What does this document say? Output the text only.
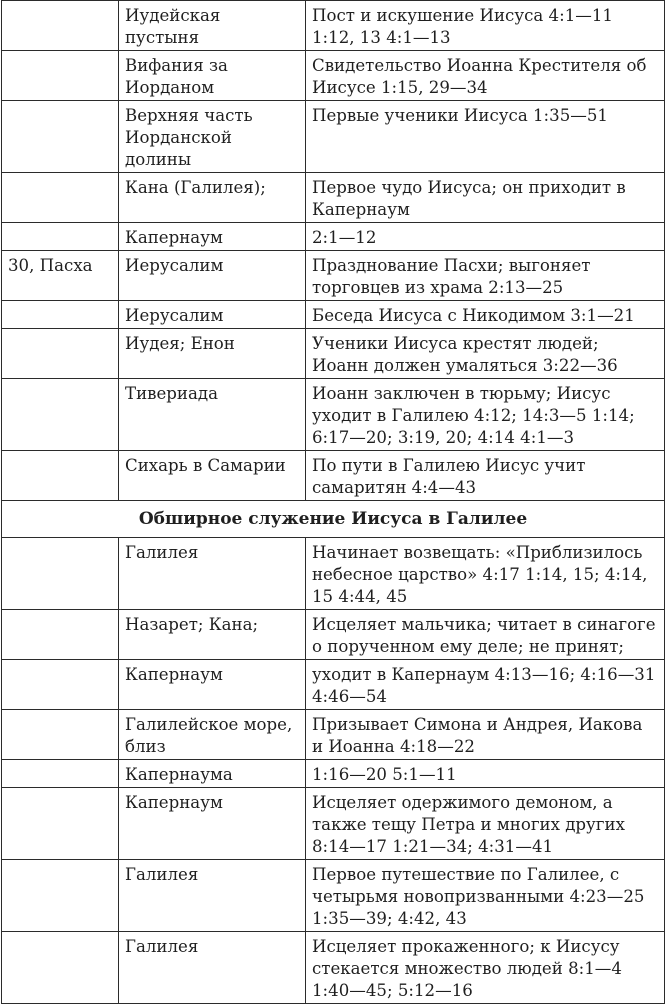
	Иудейская пустыня	Пост и искушение Иисуса 4:1—11 1:12, 13 4:1—13
	Вифания за Иорданом	Свидетельство Иоанна Крестителя об Иисусе 1:15, 29—34
	Верхняя часть Иорданской долины	Первые ученики Иисуса 1:35—51
	Кана (Галилея);	Первое чудо Иисуса; он приходит в Капернаум
	Капернаум	2:1—12
30, Пасха	Иерусалим	Празднование Пасхи; выгоняет торговцев из храма 2:13—25
	Иерусалим	Беседа Иисуса с Никодимом 3:1—21
	Иудея; Енон	Ученики Иисуса крестят людей; Иоанн должен умаляться 3:22—36
	Тивериада	Иоанн заключен в тюрьму; Иисус уходит в Галилею 4:12; 14:3—5 1:14; 6:17—20; 3:19, 20; 4:14 4:1—3
	Сихарь в Самарии	По пути в Галилею Иисус учит самаритян 4:4—43
Обширное служение Иисуса в Галилее		
	Галилея	Начинает возвещать: «Приблизилось небесное царство» 4:17 1:14, 15; 4:14, 15 4:44, 45
	Назарет; Кана;	Исцеляет мальчика; читает в синагоге о порученном ему деле; не принят;
	Капернаум	уходит в Капернаум 4:13—16; 4:16—31 4:46—54
	Галилейское море, близ	Призывает Симона и Андрея, Иакова и Иоанна 4:18—22
	Капернаума	1:16—20 5:1—11
	Капернаум	Исцеляет одержимого демоном, а также тещу Петра и многих других 8:14—17 1:21—34; 4:31—41
	Галилея	Первое путешествие по Галилее, с четырьмя новопризванными 4:23—25 1:35—39; 4:42, 43
	Галилея	Исцеляет прокаженного; к Иисусу стекается множество людей 8:1—4 1:40—45; 5:12—16
